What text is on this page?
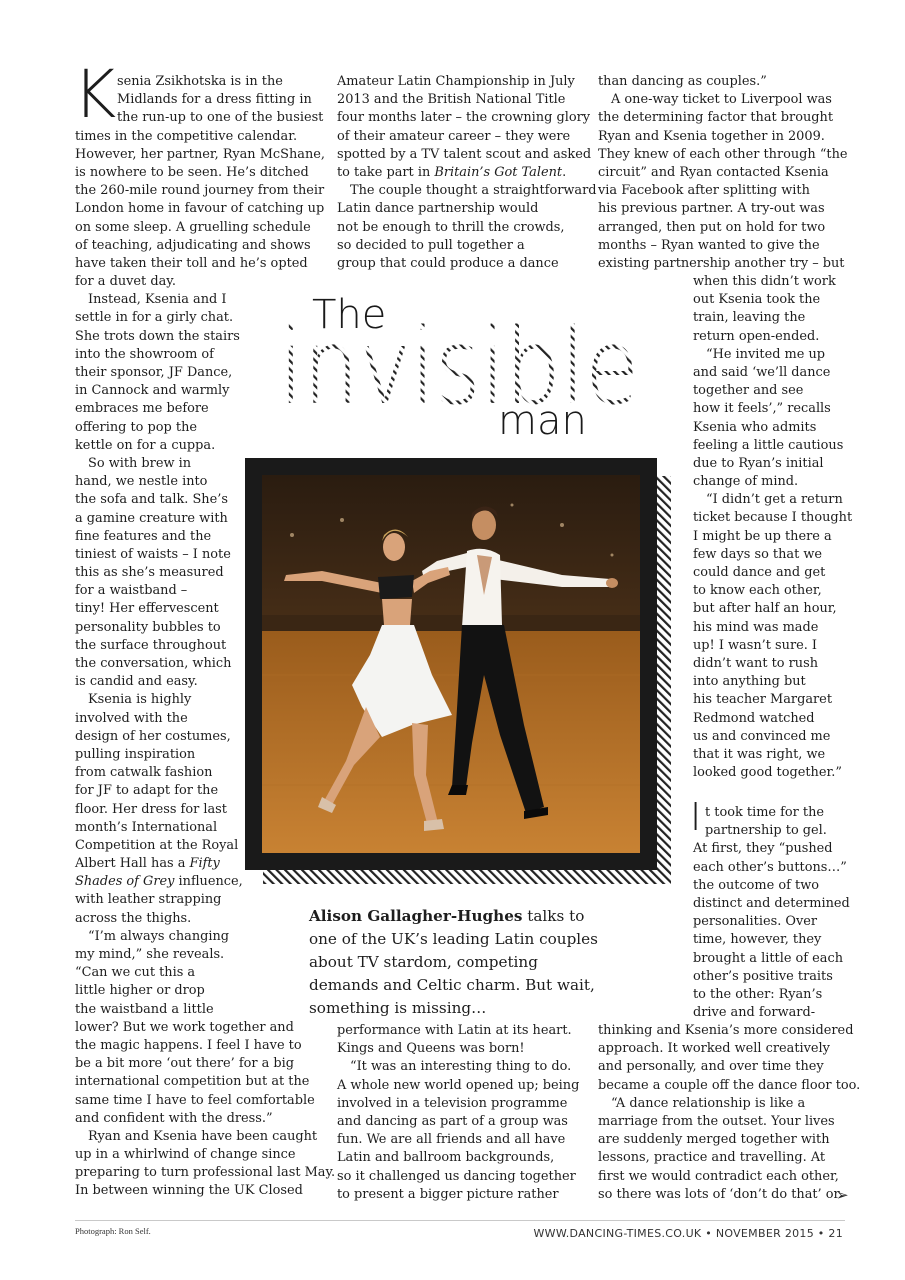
K senia Zsikhotska is in the
Midlands for a dress fitting in
the run-up to one of the busiest
times in the competitive calendar.
However, her partner, Ryan McShane,
is nowhere to be seen. He’s ditched
the 260-mile round journey from their
London home in favour of catching up
on some sleep. A gruelling schedule
of teaching, adjudicating and shows
have taken their toll and he’s opted
for a duvet day.
Instead, Ksenia and I
settle in for a girly chat.
She trots down the stairs
into the showroom of
their sponsor, JF Dance,
in Cannock and warmly
embraces me before
offering to pop the
kettle on for a cuppa.
So with brew in
hand, we nestle into
the sofa and talk. She’s
a gamine creature with
fine features and the
tiniest of waists – I note
this as she’s measured
for a waistband –
tiny! Her effervescent
personality bubbles to
the surface throughout
the conversation, which
is candid and easy.
Ksenia is highly
involved with the
design of her costumes,
pulling inspiration
from catwalk fashion
for JF to adapt for the
floor. Her dress for last
month’s International
Competition at the Royal
Albert Hall has a Fifty
Shades of Grey influence,
with leather strapping
across the thighs.
“I’m always changing
my mind,” she reveals.
“Can we cut this a
little higher or drop
the waistband a little
lower? But we work together and
the magic happens. I feel I have to
be a bit more ‘out there’ for a big
international competition but at the
same time I have to feel comfortable
and confident with the dress.”
Ryan and Ksenia have been caught
up in a whirlwind of change since
preparing to turn professional last May.
In between winning the UK Closed
Amateur Latin Championship in July
2013 and the British National Title
four months later – the crowning glory
of their amateur career – they were
spotted by a TV talent scout and asked
to take part in Britain’s Got Talent.
The couple thought a straightforward
Latin dance partnership would
not be enough to thrill the crowds,
so decided to pull together a
group that could produce a dance
than dancing as couples.”
A one-way ticket to Liverpool was
the determining factor that brought
Ryan and Ksenia together in 2009.
They knew of each other through “the
circuit” and Ryan contacted Ksenia
via Facebook after splitting with
his previous partner. A try-out was
arranged, then put on hold for two
months – Ryan wanted to give the
existing partnership another try – but
when this didn’t work
out Ksenia took the
train, leaving the
return open-ended.
“He invited me up
and said ‘we’ll dance
together and see
how it feels’,” recalls
Ksenia who admits
feeling a little cautious
due to Ryan’s initial
change of mind.
“I didn’t get a return
ticket because I thought
I might be up there a
few days so that we
could dance and get
to know each other,
but after half an hour,
his mind was made
up! I wasn’t sure. I
didn’t want to rush
into anything but
his teacher Margaret
Redmond watched
us and convinced me
that it was right, we
looked good together.”
I t took time for the
partnership to gel.
At first, they “pushed
each other’s buttons…”
the outcome of two
distinct and determined
personalities. Over
time, however, they
brought a little of each
other’s positive traits
to the other: Ryan’s
drive and forward-
performance with Latin at its heart.
Kings and Queens was born!
“It was an interesting thing to do.
A whole new world opened up; being
involved in a television programme
and dancing as part of a group was
fun. We are all friends and all have
Latin and ballroom backgrounds,
so it challenged us dancing together
to present a bigger picture rather
thinking and Ksenia’s more considered
approach. It worked well creatively
and personally, and over time they
became a couple off the dance floor too.
“A dance relationship is like a
marriage from the outset. Your lives
are suddenly merged together with
lessons, practice and travelling. At
first we would contradict each other,
so there was lots of ‘don’t do that’ or
The
invisible
man
Alison Gallagher-Hughes talks to one of the UK’s leading Latin couples about TV stardom, competing demands and Celtic charm. But wait, something is missing…
➢
Photograph: Ron Self.	WWW.DANCING-TIMES.CO.UK • NOVEMBER 2015 • 21
